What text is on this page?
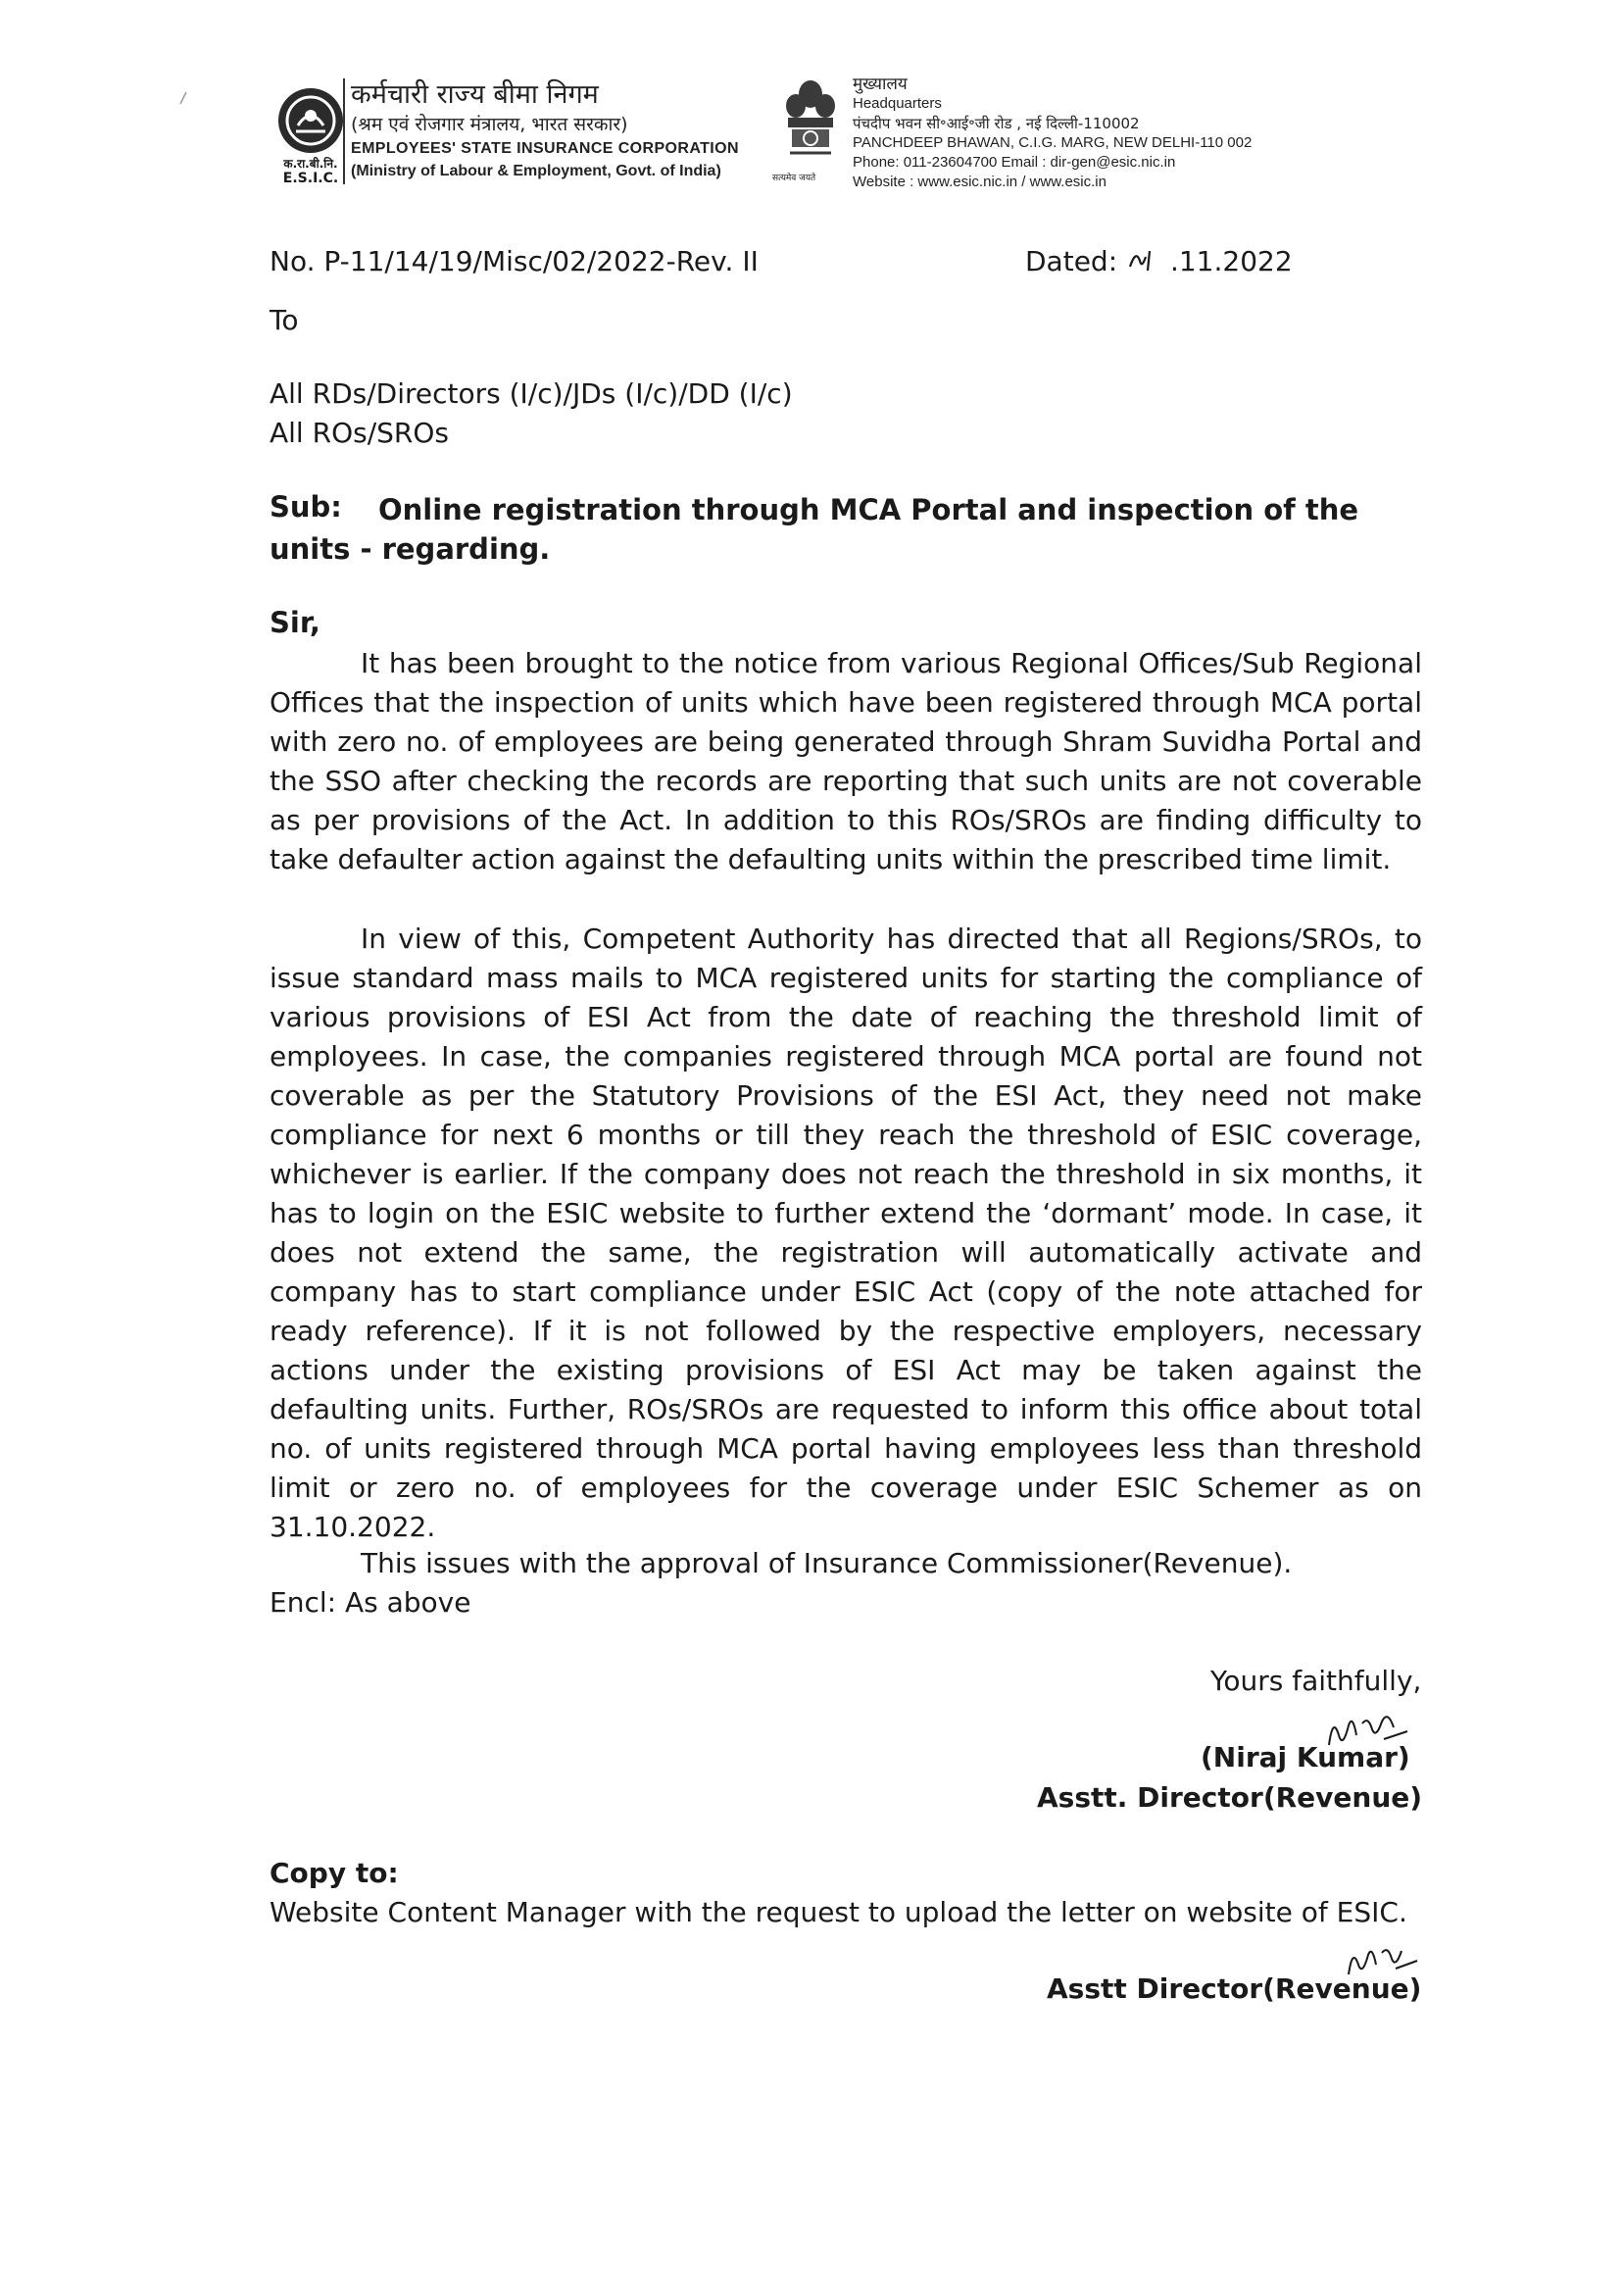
क.रा.बी.नि.
E.S.I.C.
कर्मचारी राज्य बीमा निगम
(श्रम एवं रोजगार मंत्रालय, भारत सरकार)
EMPLOYEES' STATE INSURANCE CORPORATION
(Ministry of Labour & Employment, Govt. of India)	सत्यमेव जयते
मुख्यालय
Headquarters
पंचदीप भवन सी॰आई॰जी रोड , नई दिल्ली-110002
PANCHDEEP BHAWAN, C.I.G. MARG, NEW DELHI-110 002
Phone: 011-23604700 Email : dir-gen@esic.nic.in
Website : www.esic.nic.in / www.esic.in
No. P-11/14/19/Misc/02/2022-Rev. II	Dated:  .11.2022
To
All RDs/Directors (I/c)/JDs (I/c)/DD (I/c)
All ROs/SROs
Sub:	Online registration through MCA Portal and inspection of the units - regarding.
Sir,
It has been brought to the notice from various Regional Offices/Sub Regional Offices that the inspection of units which have been registered through MCA portal with zero no. of employees are being generated through Shram Suvidha Portal and the SSO after checking the records are reporting that such units are not coverable as per provisions of the Act. In addition to this ROs/SROs are finding difficulty to take defaulter action against the defaulting units within the prescribed time limit.
In view of this, Competent Authority has directed that all Regions/SROs, to issue standard mass mails to MCA registered units for starting the compliance of various provisions of ESI Act from the date of reaching the threshold limit of employees. In case, the companies registered through MCA portal are found not coverable as per the Statutory Provisions of the ESI Act, they need not make compliance for next 6 months or till they reach the threshold of ESIC coverage, whichever is earlier. If the company does not reach the threshold in six months, it has to login on the ESIC website to further extend the ‘dormant’ mode. In case, it does not extend the same, the registration will automatically activate and company has to start compliance under ESIC Act (copy of the note attached for ready reference). If it is not followed by the respective employers, necessary actions under the existing provisions of ESI Act may be taken against the defaulting units. Further, ROs/SROs are requested to inform this office about total no. of units registered through MCA portal having employees less than threshold limit or zero no. of employees for the coverage under ESIC Schemer as on 31.10.2022.
This issues with the approval of Insurance Commissioner(Revenue).
Encl: As above
Yours faithfully,
(Niraj Kumar)
Asstt. Director(Revenue)
Copy to:
Website Content Manager with the request to upload the letter on website of ESIC.
Asstt Director(Revenue)
